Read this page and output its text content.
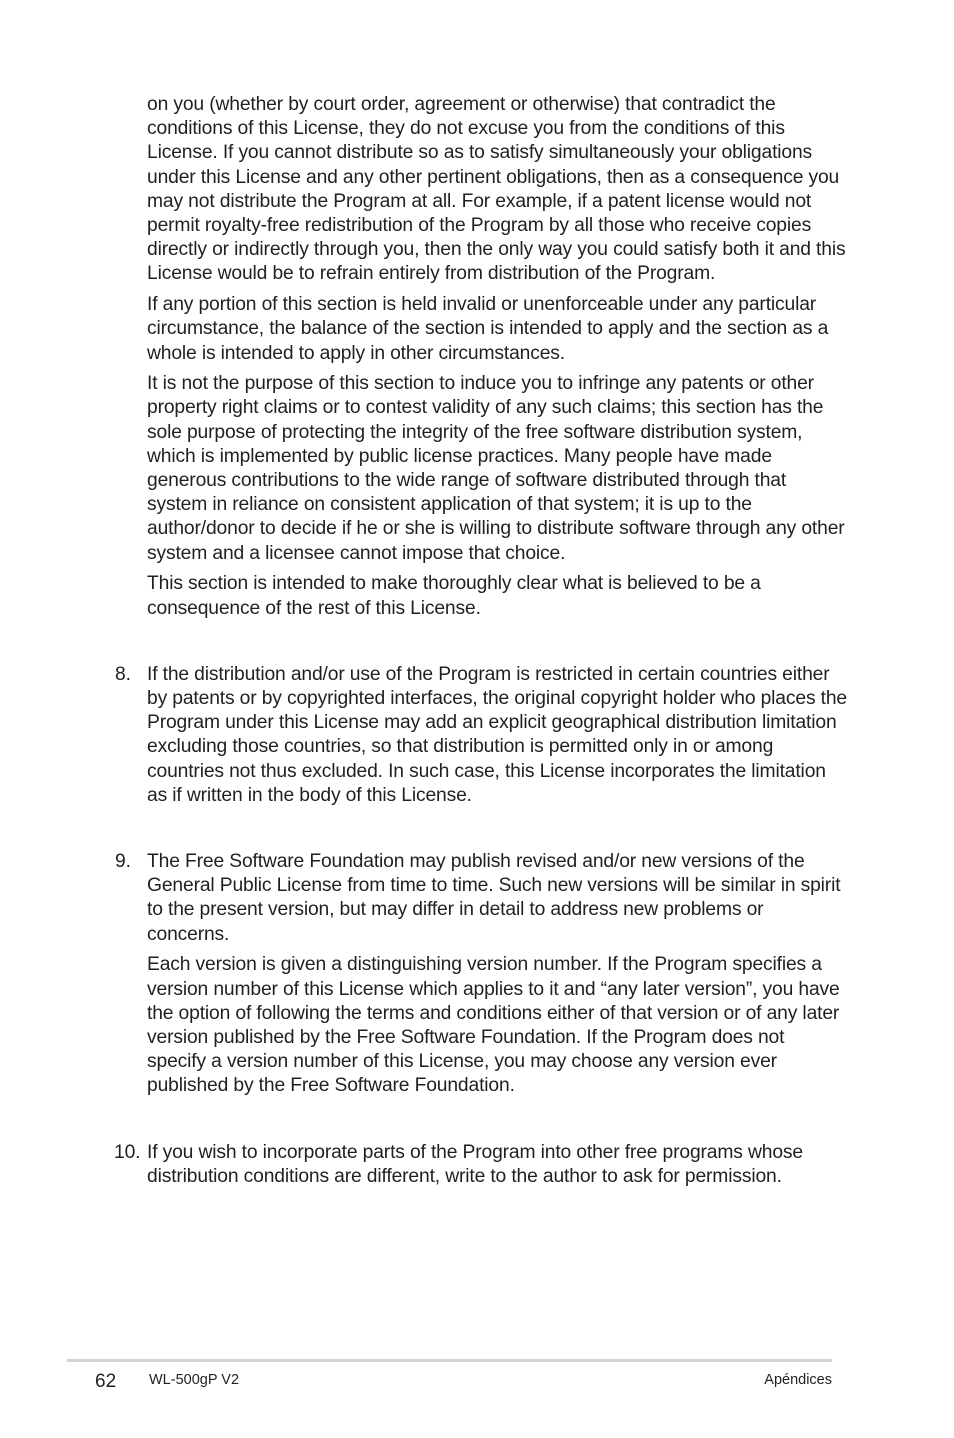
on you (whether by court order, agreement or otherwise) that contradict the conditions of this License, they do not excuse you from the conditions of this License. If you cannot distribute so as to satisfy simultaneously your obligations under this License and any other pertinent obligations, then as a consequence you may not distribute the Program at all. For example, if a patent license would not permit royalty-free redistribution of the Program by all those who receive copies directly or indirectly through you, then the only way you could satisfy both it and this License would be to refrain entirely from distribution of the Program.

If any portion of this section is held invalid or unenforceable under any particular circumstance, the balance of the section is intended to apply and the section as a whole is intended to apply in other circumstances.

It is not the purpose of this section to induce you to infringe any patents or other property right claims or to contest validity of any such claims; this section has the sole purpose of protecting the integrity of the free software distribution system, which is implemented by public license practices. Many people have made generous contributions to the wide range of software distributed through that system in reliance on consistent application of that system; it is up to the author/donor to decide if he or she is willing to distribute software through any other system and a licensee cannot impose that choice.

This section is intended to make thoroughly clear what is believed to be a consequence of the rest of this License.

8. If the distribution and/or use of the Program is restricted in certain countries either by patents or by copyrighted interfaces, the original copyright holder who places the Program under this License may add an explicit geographical distribution limitation excluding those countries, so that distribution is permitted only in or among countries not thus excluded. In such case, this License incorporates the limitation as if written in the body of this License.

9. The Free Software Foundation may publish revised and/or new versions of the General Public License from time to time. Such new versions will be similar in spirit to the present version, but may differ in detail to address new problems or concerns.

Each version is given a distinguishing version number. If the Program specifies a version number of this License which applies to it and “any later version”, you have the option of following the terms and conditions either of that version or of any later version published by the Free Software Foundation. If the Program does not specify a version number of this License, you may choose any version ever published by the Free Software Foundation.

10. If you wish to incorporate parts of the Program into other free programs whose distribution conditions are different, write to the author to ask for permission.

62 WL-500gP V2	Apéndices
